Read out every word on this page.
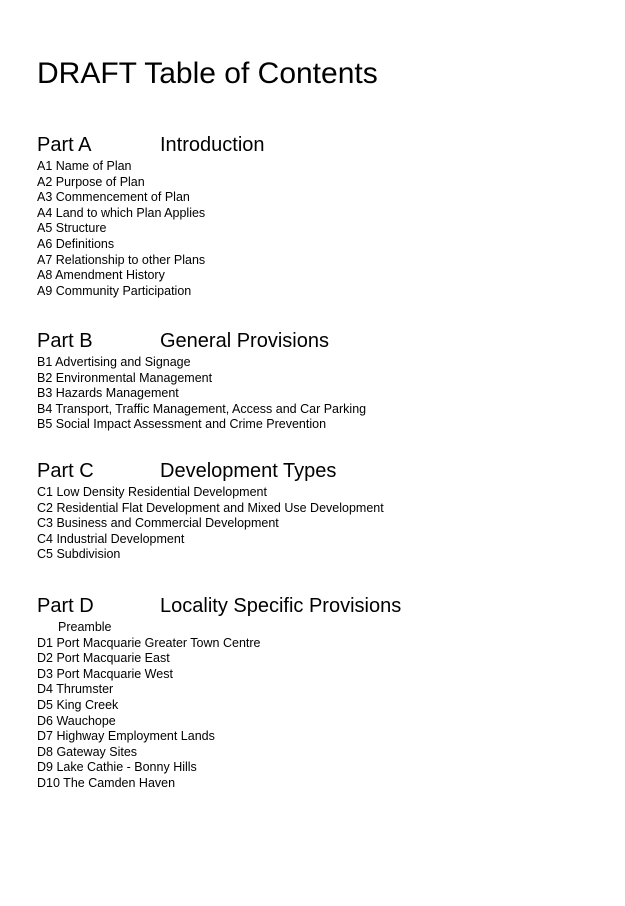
DRAFT Table of Contents
Part A	Introduction
A1 Name of Plan
A2 Purpose of Plan
A3 Commencement of Plan
A4 Land to which Plan Applies
A5 Structure
A6 Definitions
A7 Relationship to other Plans
A8 Amendment History
A9 Community Participation
Part B	General Provisions
B1 Advertising and Signage
B2 Environmental Management
B3 Hazards Management
B4 Transport, Traffic Management, Access and Car Parking
B5 Social Impact Assessment and Crime Prevention
Part C	Development Types
C1 Low Density Residential Development
C2 Residential Flat Development and Mixed Use Development
C3 Business and Commercial Development
C4 Industrial Development
C5 Subdivision
Part D	Locality Specific Provisions
Preamble
D1 Port Macquarie Greater Town Centre
D2 Port Macquarie East
D3 Port Macquarie West
D4 Thrumster
D5 King Creek
D6 Wauchope
D7 Highway Employment Lands
D8 Gateway Sites
D9 Lake Cathie - Bonny Hills
D10 The Camden Haven
